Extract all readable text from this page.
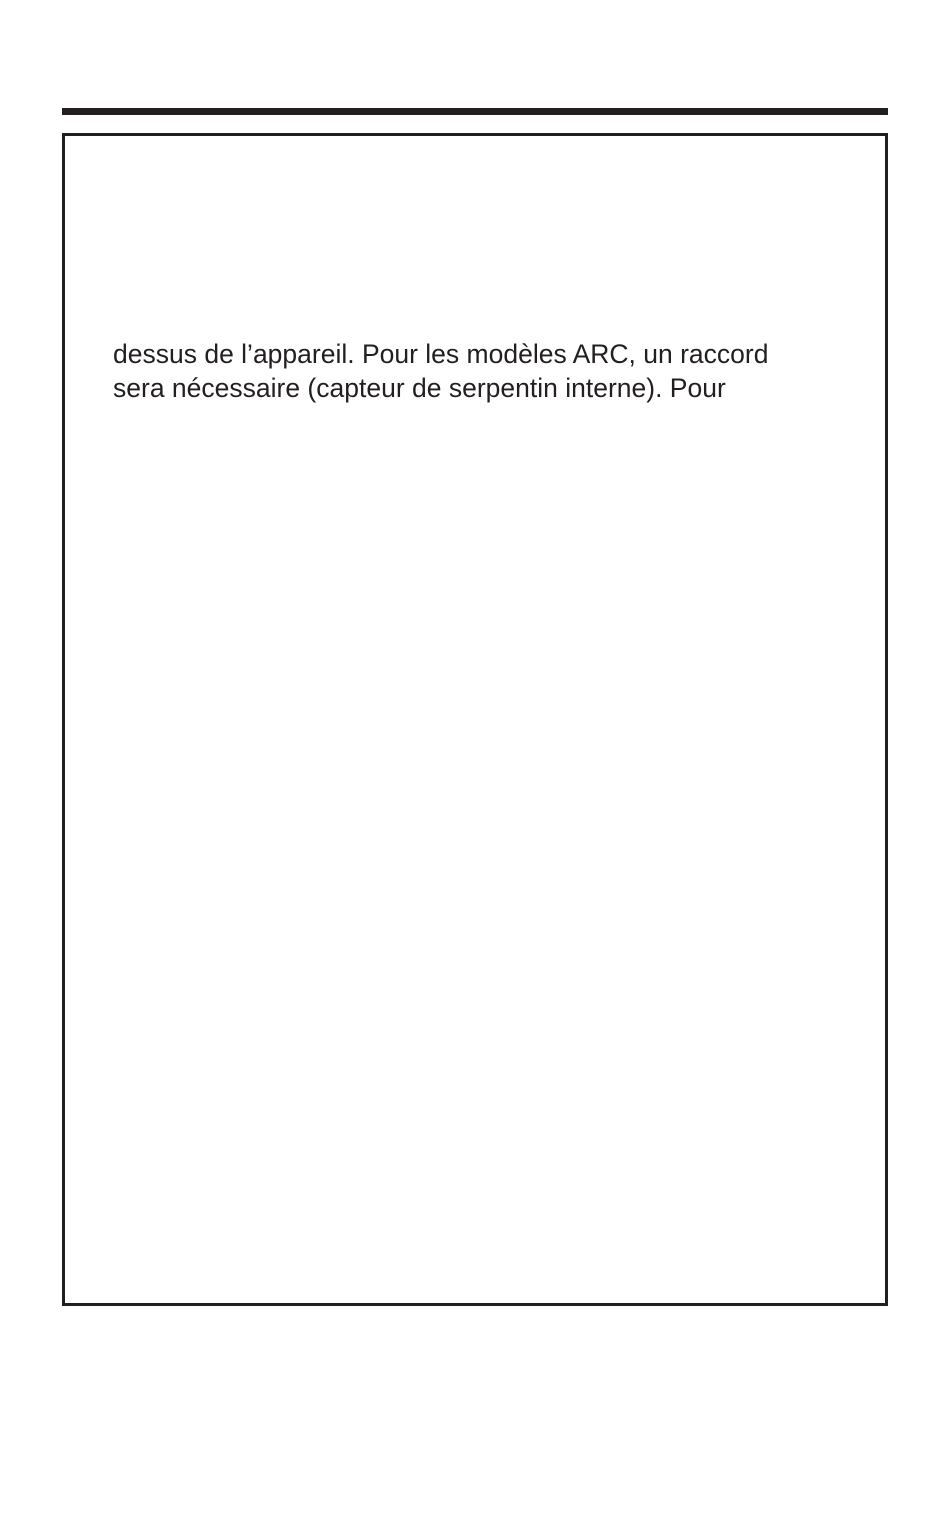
dessus de l’appareil. Pour les modèles ARC, un raccord
sera nécessaire (capteur de serpentin interne). Pour
